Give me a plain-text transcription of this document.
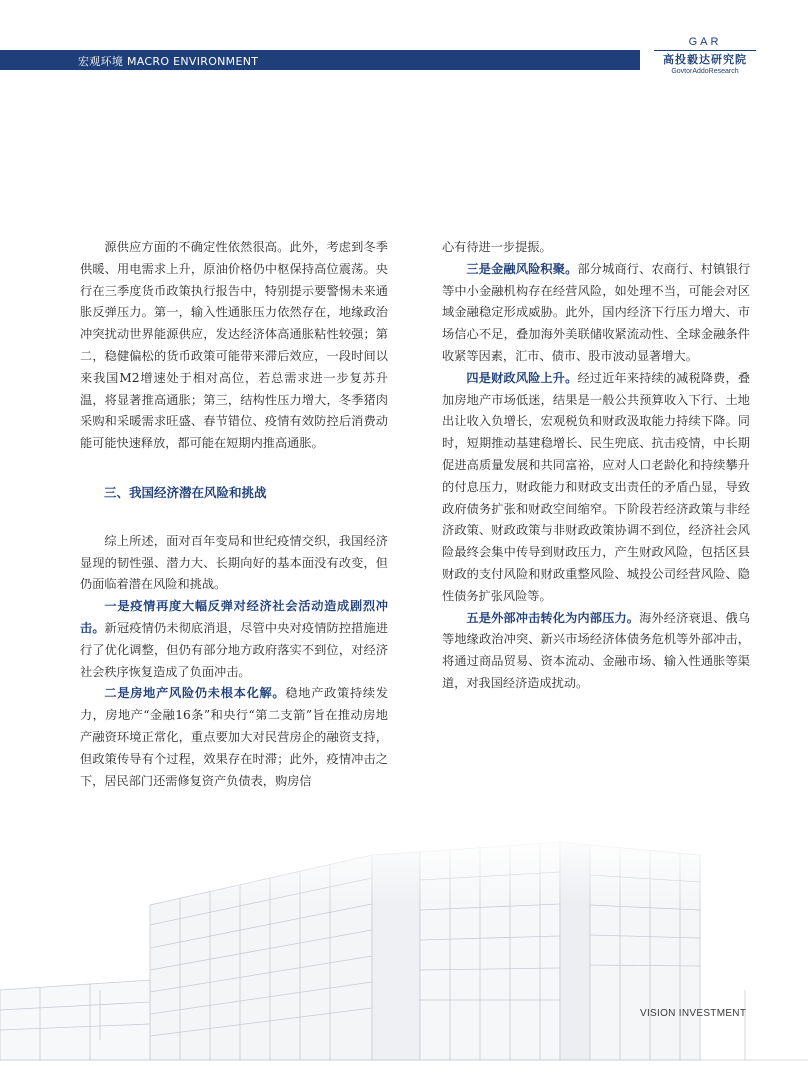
宏观环境 MACRO ENVIRONMENT
GAR
高投毅达研究院
GovtorAddoResearch

源供应方面的不确定性依然很高。此外，考虑到冬季供暖、用电需求上升，原油价格仍中枢保持高位震荡。央行在三季度货币政策执行报告中，特别提示要警惕未来通胀反弹压力。第一，输入性通胀压力依然存在，地缘政治冲突扰动世界能源供应，发达经济体高通胀粘性较强；第二，稳健偏松的货币政策可能带来滞后效应，一段时间以来我国M2增速处于相对高位，若总需求进一步复苏升温，将显著推高通胀；第三，结构性压力增大，冬季猪肉采购和采暖需求旺盛、春节错位、疫情有效防控后消费动能可能快速释放，都可能在短期内推高通胀。

三、我国经济潜在风险和挑战

综上所述，面对百年变局和世纪疫情交织，我国经济显现的韧性强、潜力大、长期向好的基本面没有改变，但仍面临着潜在风险和挑战。

一是疫情再度大幅反弹对经济社会活动造成剧烈冲击。新冠疫情仍未彻底消退，尽管中央对疫情防控措施进行了优化调整，但仍有部分地方政府落实不到位，对经济社会秩序恢复造成了负面冲击。

二是房地产风险仍未根本化解。稳地产政策持续发力，房地产“金融16条”和央行“第二支箭”旨在推动房地产融资环境正常化，重点要加大对民营房企的融资支持，但政策传导有个过程，效果存在时滞；此外，疫情冲击之下，居民部门还需修复资产负债表，购房信

心有待进一步提振。

三是金融风险积聚。部分城商行、农商行、村镇银行等中小金融机构存在经营风险，如处理不当，可能会对区域金融稳定形成威胁。此外，国内经济下行压力增大、市场信心不足，叠加海外美联储收紧流动性、全球金融条件收紧等因素，汇市、债市、股市波动显著增大。

四是财政风险上升。经过近年来持续的减税降费，叠加房地产市场低迷，结果是一般公共预算收入下行、土地出让收入负增长，宏观税负和财政汲取能力持续下降。同时，短期推动基建稳增长、民生兜底、抗击疫情，中长期促进高质量发展和共同富裕，应对人口老龄化和持续攀升的付息压力，财政能力和财政支出责任的矛盾凸显，导致政府债务扩张和财政空间缩窄。下阶段若经济政策与非经济政策、财政政策与非财政政策协调不到位，经济社会风险最终会集中传导到财政压力，产生财政风险，包括区县财政的支付风险和财政重整风险、城投公司经营风险、隐性债务扩张风险等。

五是外部冲击转化为内部压力。海外经济衰退、俄乌等地缘政治冲突、新兴市场经济体债务危机等外部冲击，将通过商品贸易、资本流动、金融市场、输入性通胀等渠道，对我国经济造成扰动。

VISION INVESTMENT
